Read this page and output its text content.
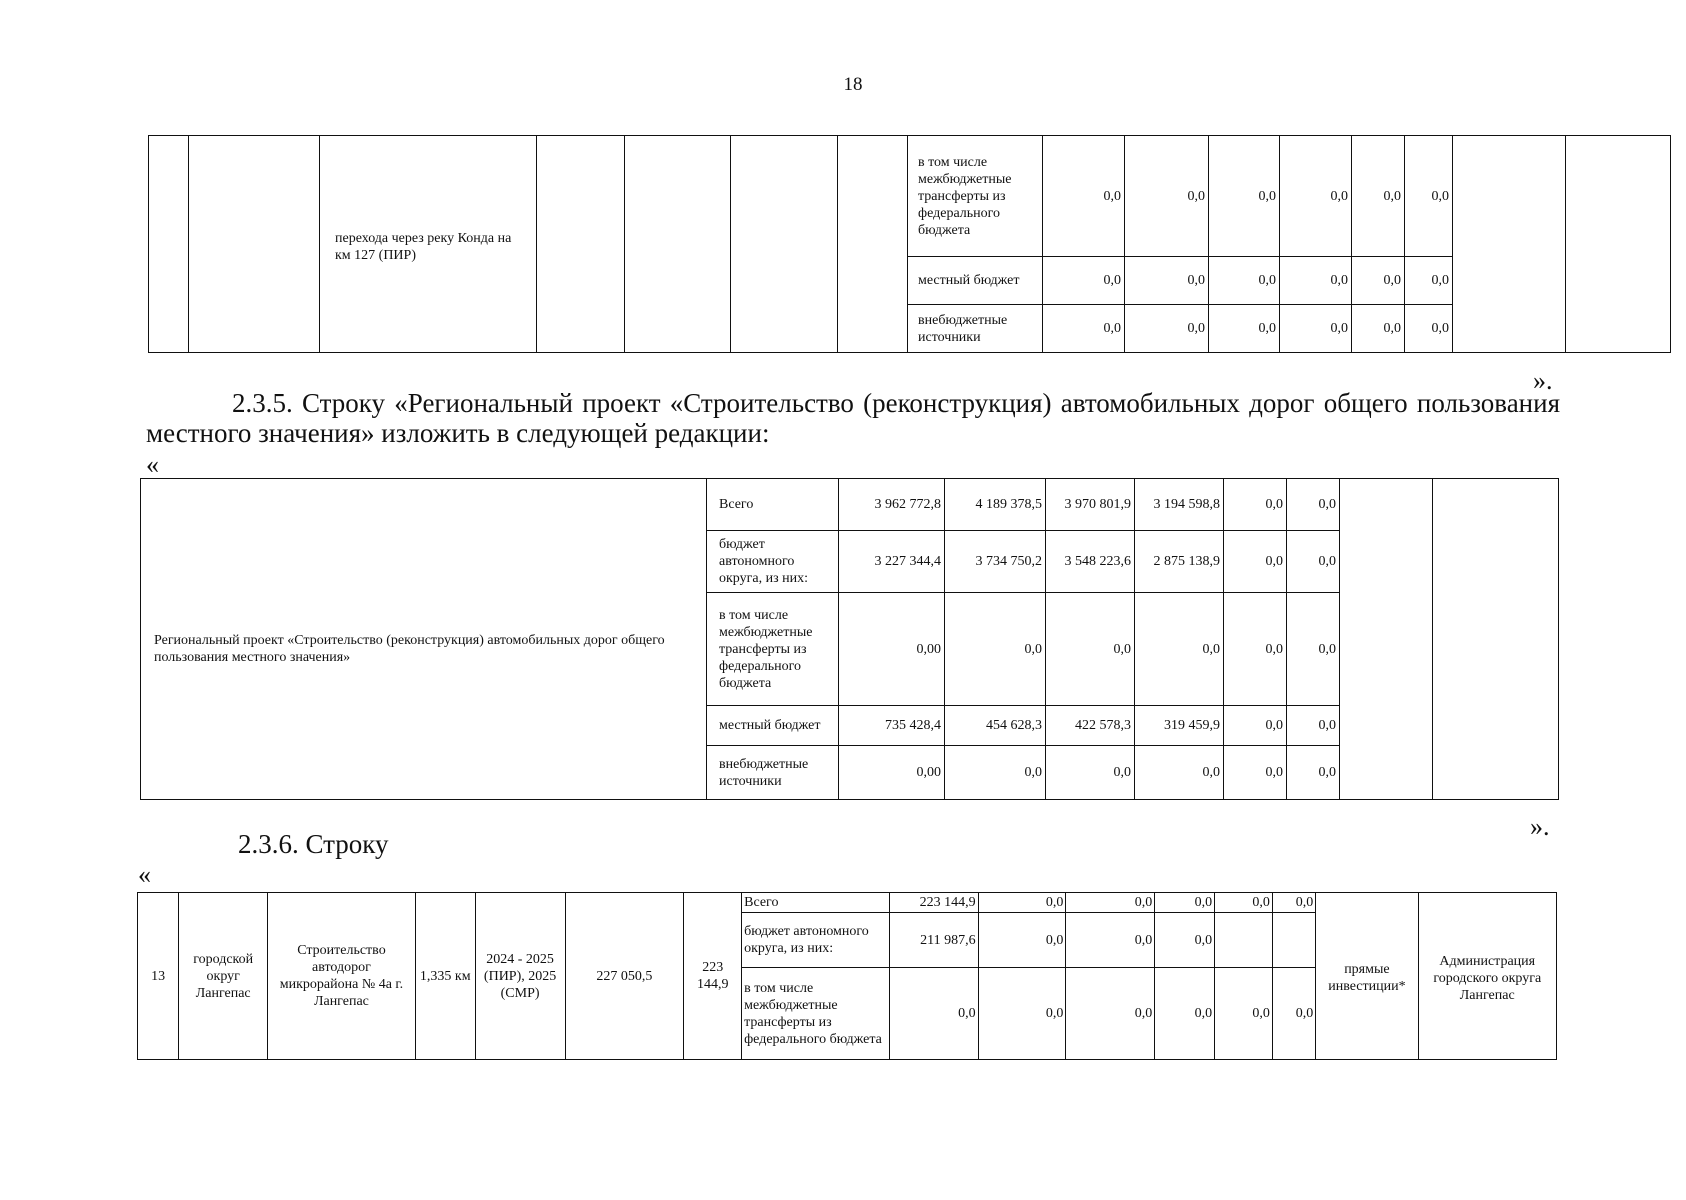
18
		перехода через реку Конда на км 127 (ПИР)					в том числе межбюджетные трансферты из федерального бюджета	0,0	0,0	0,0	0,0	0,0	0,0		
							местный бюджет	0,0	0,0	0,0	0,0	0,0	0,0		
							внебюджетные источники	0,0	0,0	0,0	0,0	0,0	0,0		
».
2.3.5. Строку «Региональный проект «Строительство (реконструкция) автомобильных дорог общего пользования местного значения» изложить в следующей редакции:
«
Региональный проект «Строительство (реконструкция) автомобильных дорог общего пользования местного значения»	Всего	3 962 772,8	4 189 378,5	3 970 801,9	3 194 598,8	0,0	0,0		
	бюджет автономного округа, из них:	3 227 344,4	3 734 750,2	3 548 223,6	2 875 138,9	0,0	0,0		
	в том числе межбюджетные трансферты из федерального бюджета	0,00	0,0	0,0	0,0	0,0	0,0		
	местный бюджет	735 428,4	454 628,3	422 578,3	319 459,9	0,0	0,0		
	внебюджетные источники	0,00	0,0	0,0	0,0	0,0	0,0		
».
2.3.6. Строку
«
13	городской округ Лангепас	Строительство автодорог микрорайона № 4а г. Лангепас	1,335 км	2024 - 2025 (ПИР), 2025 (СМР)	227 050,5	223 144,9	Всего	223 144,9	0,0	0,0	0,0	0,0	0,0	прямые инвестиции*	Администрация городского округа Лангепас
							бюджет автономного округа, из них:	211 987,6	0,0	0,0	0,0				
							в том числе межбюджетные трансферты из федерального бюджета	0,0	0,0	0,0	0,0	0,0	0,0		
